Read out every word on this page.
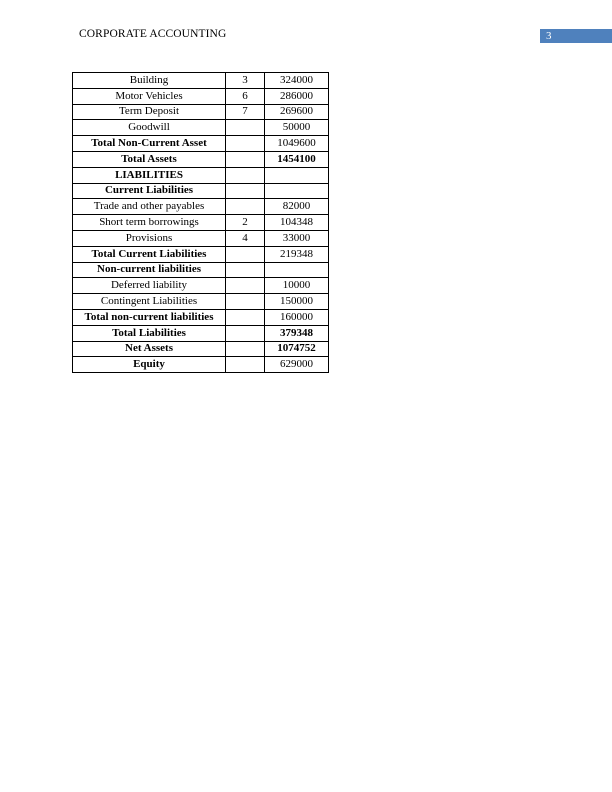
CORPORATE ACCOUNTING	3
Building	3	324000
Motor Vehicles	6	286000
Term Deposit	7	269600
Goodwill		50000
Total Non-Current Asset		1049600
Total Assets		1454100
LIABILITIES		
Current Liabilities		
Trade and other payables		82000
Short term borrowings	2	104348
Provisions	4	33000
Total Current Liabilities		219348
Non-current liabilities		
Deferred liability		10000
Contingent Liabilities		150000
Total non-current liabilities		160000
Total Liabilities		379348
Net Assets		1074752
Equity		629000
